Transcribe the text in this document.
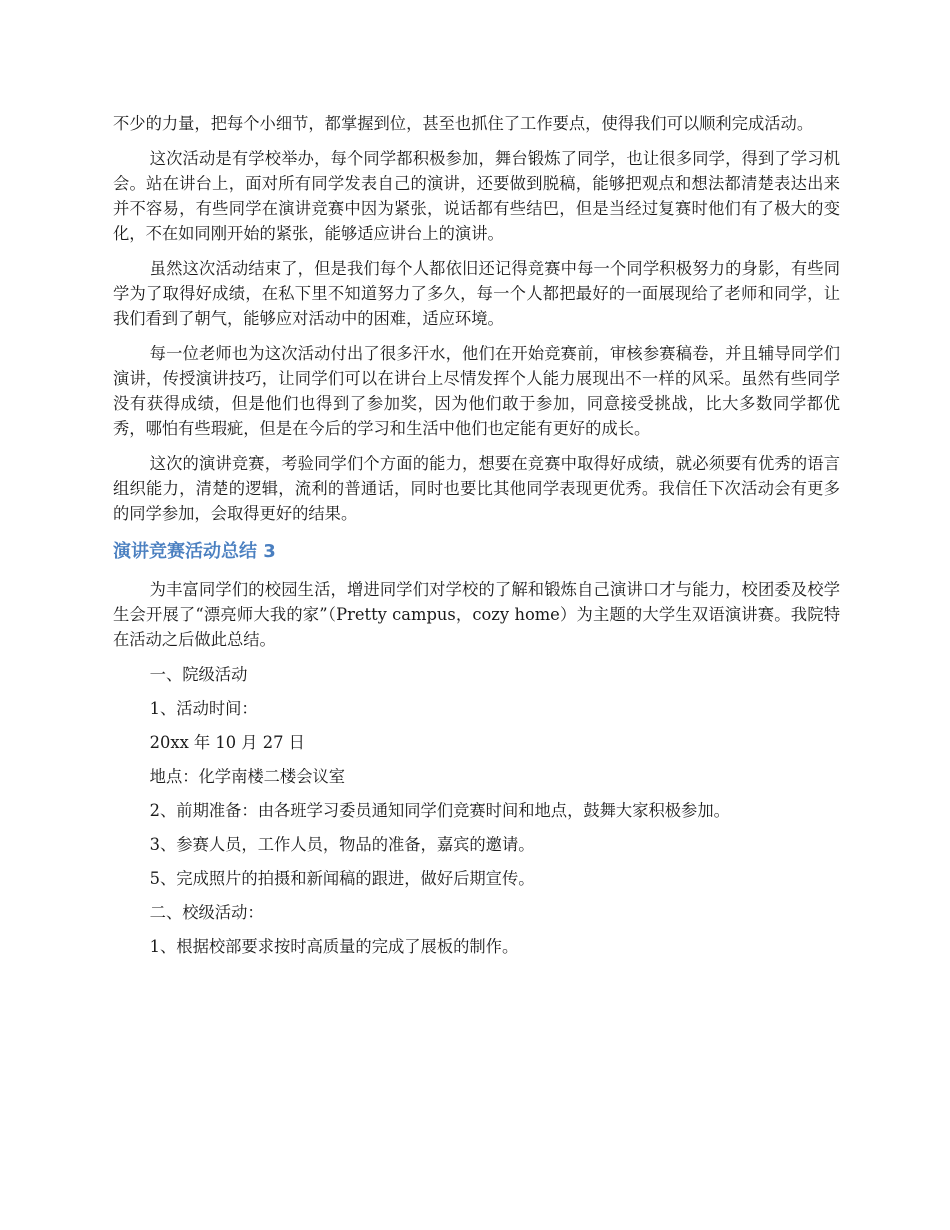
不少的力量，把每个小细节，都掌握到位，甚至也抓住了工作要点，使得我们可以顺利完成活动。

这次活动是有学校举办，每个同学都积极参加，舞台锻炼了同学，也让很多同学，得到了学习机会。站在讲台上，面对所有同学发表自己的演讲，还要做到脱稿，能够把观点和想法都清楚表达出来并不容易，有些同学在演讲竞赛中因为紧张，说话都有些结巴，但是当经过复赛时他们有了极大的变化，不在如同刚开始的紧张，能够适应讲台上的演讲。

虽然这次活动结束了，但是我们每个人都依旧还记得竞赛中每一个同学积极努力的身影，有些同学为了取得好成绩，在私下里不知道努力了多久，每一个人都把最好的一面展现给了老师和同学，让我们看到了朝气，能够应对活动中的困难，适应环境。

每一位老师也为这次活动付出了很多汗水，他们在开始竞赛前，审核参赛稿卷，并且辅导同学们演讲，传授演讲技巧，让同学们可以在讲台上尽情发挥个人能力展现出不一样的风采。虽然有些同学没有获得成绩，但是他们也得到了参加奖，因为他们敢于参加，同意接受挑战，比大多数同学都优秀，哪怕有些瑕疵，但是在今后的学习和生活中他们也定能有更好的成长。

这次的演讲竞赛，考验同学们个方面的能力，想要在竞赛中取得好成绩，就必须要有优秀的语言组织能力，清楚的逻辑，流利的普通话，同时也要比其他同学表现更优秀。我信任下次活动会有更多的同学参加，会取得更好的结果。

演讲竞赛活动总结 3

为丰富同学们的校园生活，增进同学们对学校的了解和锻炼自己演讲口才与能力，校团委及校学生会开展了“漂亮师大我的家”（Pretty campus，cozy home）为主题的大学生双语演讲赛。我院特在活动之后做此总结。

一、院级活动

1、活动时间：

20xx 年 10 月 27 日

地点：化学南楼二楼会议室

2、前期准备：由各班学习委员通知同学们竞赛时间和地点，鼓舞大家积极参加。

3、参赛人员，工作人员，物品的准备，嘉宾的邀请。

5、完成照片的拍摄和新闻稿的跟进，做好后期宣传。

二、校级活动：

1、根据校部要求按时高质量的完成了展板的制作。
